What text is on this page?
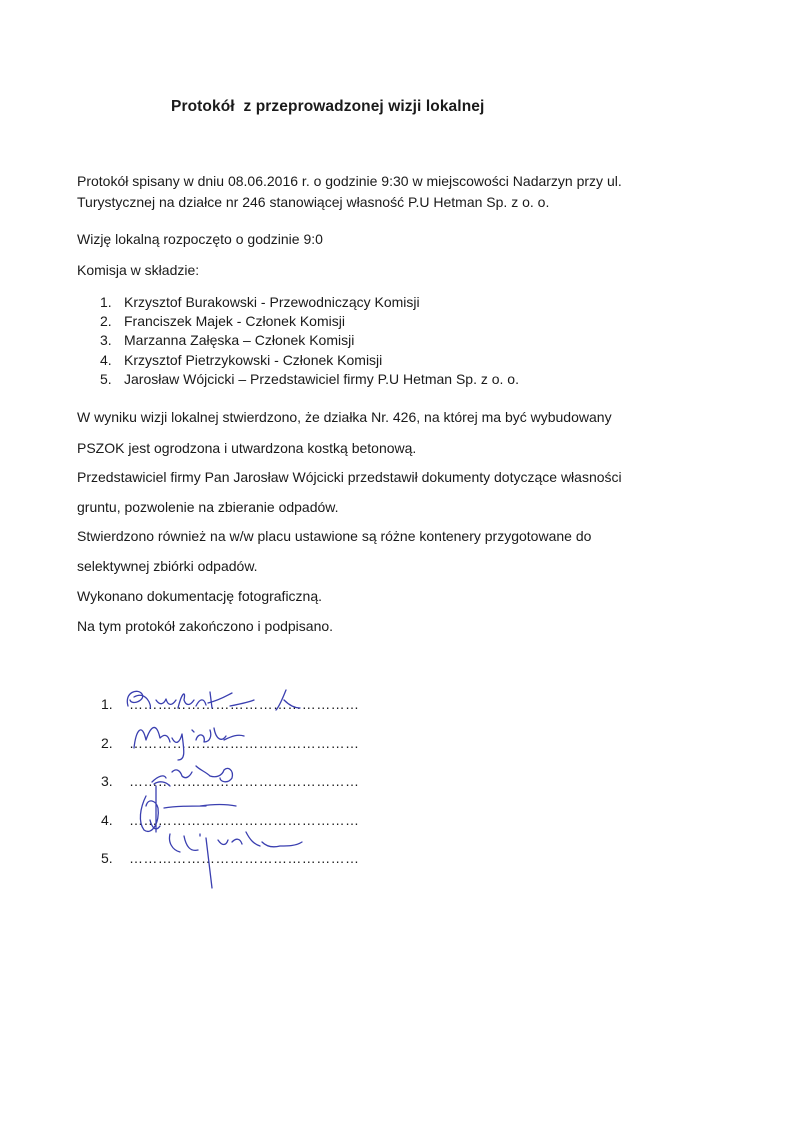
Protokół  z przeprowadzonej wizji lokalnej
Protokół spisany w dniu 08.06.2016 r. o godzinie 9:30 w miejscowości Nadarzyn przy ul.
Turystycznej na działce nr 246 stanowiącej własność P.U Hetman Sp. z o. o.
Wizję lokalną rozpoczęto o godzinie 9:0
Komisja w składzie:
1. Krzysztof Burakowski - Przewodniczący Komisji
2. Franciszek Majek - Członek Komisji
3. Marzanna Załęska – Członek Komisji
4. Krzysztof Pietrzykowski - Członek Komisji
5. Jarosław Wójcicki – Przedstawiciel firmy P.U Hetman Sp. z o. o.
W wyniku wizji lokalnej stwierdzono, że działka Nr. 426, na której ma być wybudowany
PSZOK jest ogrodzona i utwardzona kostką betonową.
Przedstawiciel firmy Pan Jarosław Wójcicki przedstawił dokumenty dotyczące własności
gruntu, pozwolenie na zbieranie odpadów.
Stwierdzono również na w/w placu ustawione są różne kontenery przygotowane do
selektywnej zbiórki odpadów.
Wykonano dokumentację fotograficzną.
Na tym protokół zakończono i podpisano.
1. …………………………………………
2. …………………………………………
3. …………………………………………
4. …………………………………………
5. …………………………………………
